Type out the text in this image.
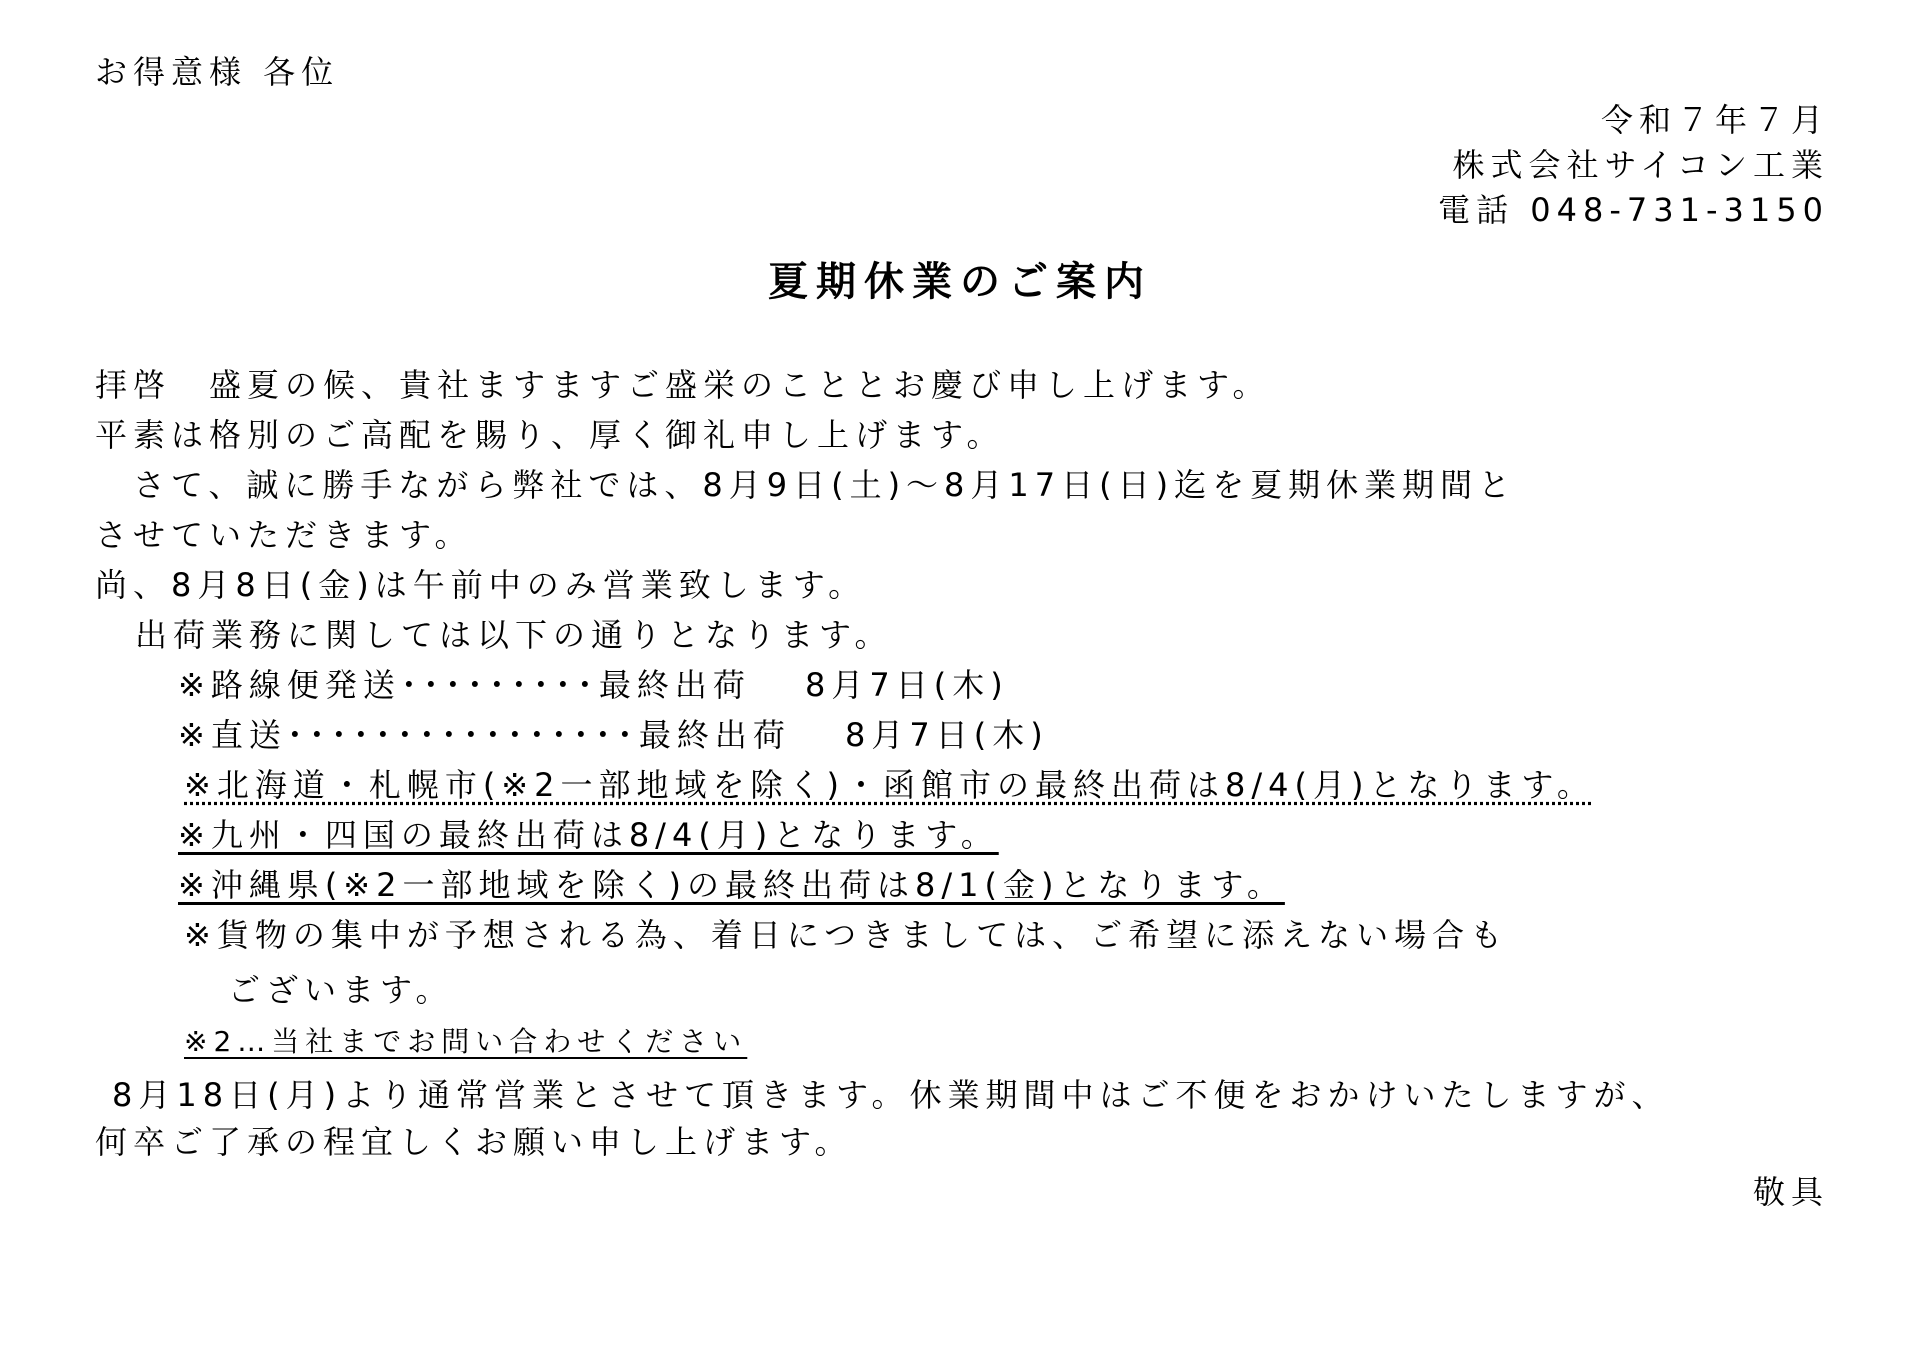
お得意様 各位
令和７年７月
株式会社サイコン工業
電話 048-731-3150
夏期休業のご案内
拝啓　盛夏の候、貴社ますますご盛栄のこととお慶び申し上げます。
平素は格別のご高配を賜り、厚く御礼申し上げます。
　さて、誠に勝手ながら弊社では、8月9日(土)～8月17日(日)迄を夏期休業期間と
させていただきます。
尚、8月8日(金)は午前中のみ営業致します。
出荷業務に関しては以下の通りとなります。
※路線便発送･････････最終出荷　 8月7日(木)
※直送････････････････最終出荷　 8月7日(木)
※北海道・札幌市(※2一部地域を除く)・函館市の最終出荷は8/4(月)となります。
※九州・四国の最終出荷は8/4(月)となります。
※沖縄県(※2一部地域を除く)の最終出荷は8/1(金)となります。
※貨物の集中が予想される為、着日につきましては、ご希望に添えない場合も
ございます。
※2…当社までお問い合わせください
8月18日(月)より通常営業とさせて頂きます。休業期間中はご不便をおかけいたしますが、
何卒ご了承の程宜しくお願い申し上げます。
敬具
